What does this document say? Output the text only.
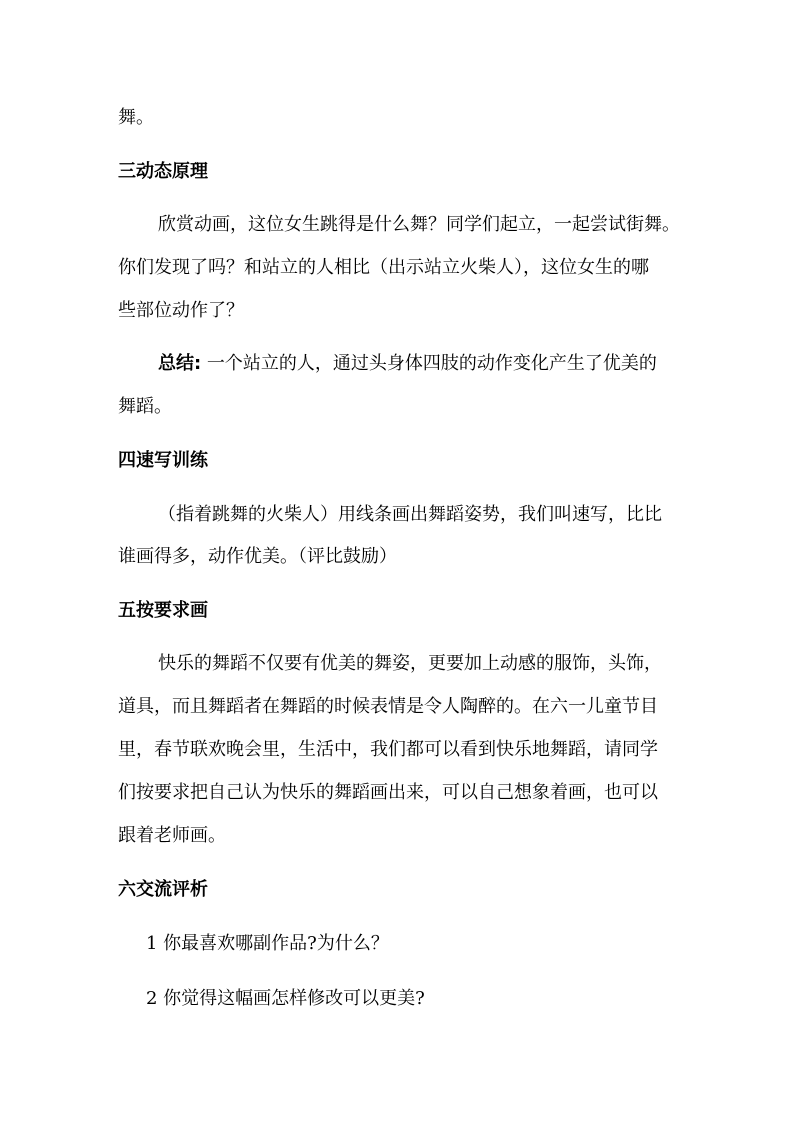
舞。
三动态原理
欣赏动画，这位女生跳得是什么舞？同学们起立，一起尝试街舞。
你们发现了吗？和站立的人相比（出示站立火柴人），这位女生的哪
些部位动作了？
总结: 一个站立的人，通过头身体四肢的动作变化产生了优美的
舞蹈。
四速写训练
（指着跳舞的火柴人）用线条画出舞蹈姿势，我们叫速写，比比
谁画得多，动作优美。（评比鼓励）
五按要求画
快乐的舞蹈不仅要有优美的舞姿，更要加上动感的服饰，头饰，
道具，而且舞蹈者在舞蹈的时候表情是令人陶醉的。在六一儿童节目
里，春节联欢晚会里，生活中，我们都可以看到快乐地舞蹈，请同学
们按要求把自己认为快乐的舞蹈画出来，可以自己想象着画，也可以
跟着老师画。
六交流评析
1 你最喜欢哪副作品?为什么？
2 你觉得这幅画怎样修改可以更美?
